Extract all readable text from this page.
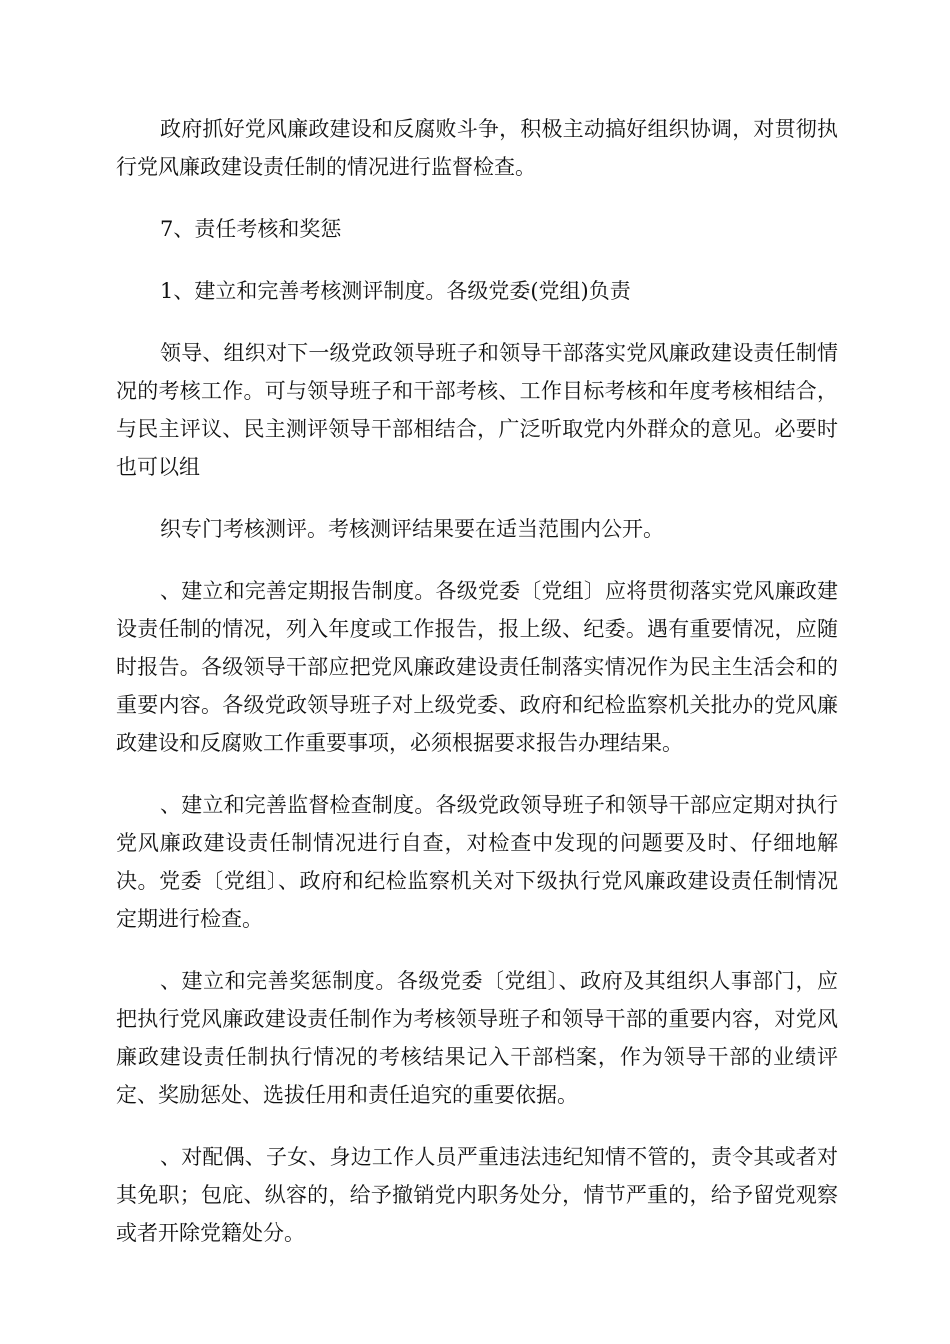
政府抓好党风廉政建设和反腐败斗争，积极主动搞好组织协调，对贯彻执行党风廉政建设责任制的情况进行监督检查。

7、责任考核和奖惩

1、建立和完善考核测评制度。各级党委(党组)负责

领导、组织对下一级党政领导班子和领导干部落实党风廉政建设责任制情况的考核工作。可与领导班子和干部考核、工作目标考核和年度考核相结合，与民主评议、民主测评领导干部相结合，广泛听取党内外群众的意见。必要时也可以组

织专门考核测评。考核测评结果要在适当范围内公开。

、建立和完善定期报告制度。各级党委〔党组〕应将贯彻落实党风廉政建设责任制的情况，列入年度或工作报告，报上级、纪委。遇有重要情况，应随时报告。各级领导干部应把党风廉政建设责任制落实情况作为民主生活会和的重要内容。各级党政领导班子对上级党委、政府和纪检监察机关批办的党风廉政建设和反腐败工作重要事项，必须根据要求报告办理结果。

、建立和完善监督检查制度。各级党政领导班子和领导干部应定期对执行党风廉政建设责任制情况进行自查，对检查中发现的问题要及时、仔细地解决。党委〔党组〕、政府和纪检监察机关对下级执行党风廉政建设责任制情况定期进行检查。

、建立和完善奖惩制度。各级党委〔党组〕、政府及其组织人事部门，应把执行党风廉政建设责任制作为考核领导班子和领导干部的重要内容，对党风廉政建设责任制执行情况的考核结果记入干部档案，作为领导干部的业绩评定、奖励惩处、选拔任用和责任追究的重要依据。

、对配偶、子女、身边工作人员严重违法违纪知情不管的，责令其或者对其免职；包庇、纵容的，给予撤销党内职务处分，情节严重的，给予留党观察或者开除党籍处分。
